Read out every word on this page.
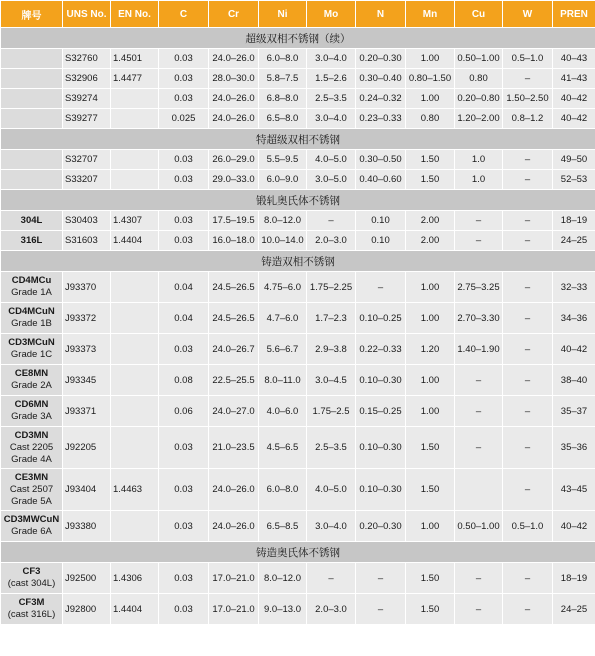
牌号	UNS No.	EN No.	C	Cr	Ni	Mo	N	Mn	Cu	W	PREN
超级双相不锈钢（续）											
	S32760	1.4501	0.03	24.0–26.0	6.0–8.0	3.0–4.0	0.20–0.30	1.00	0.50–1.00	0.5–1.0	40–43
	S32906	1.4477	0.03	28.0–30.0	5.8–7.5	1.5–2.6	0.30–0.40	0.80–1.50	0.80	–	41–43
	S39274		0.03	24.0–26.0	6.8–8.0	2.5–3.5	0.24–0.32	1.00	0.20–0.80	1.50–2.50	40–42
	S39277		0.025	24.0–26.0	6.5–8.0	3.0–4.0	0.23–0.33	0.80	1.20–2.00	0.8–1.2	40–42
特超级双相不锈钢											
	S32707		0.03	26.0–29.0	5.5–9.5	4.0–5.0	0.30–0.50	1.50	1.0	–	49–50
	S33207		0.03	29.0–33.0	6.0–9.0	3.0–5.0	0.40–0.60	1.50	1.0	–	52–53
锻轧奥氏体不锈钢											
304L	S30403	1.4307	0.03	17.5–19.5	8.0–12.0	–	0.10	2.00	–	–	18–19
316L	S31603	1.4404	0.03	16.0–18.0	10.0–14.0	2.0–3.0	0.10	2.00	–	–	24–25
铸造双相不锈钢											
CD4MCu
Grade 1A	J93370		0.04	24.5–26.5	4.75–6.0	1.75–2.25	–	1.00	2.75–3.25	–	32–33
CD4MCuN
Grade 1B	J93372		0.04	24.5–26.5	4.7–6.0	1.7–2.3	0.10–0.25	1.00	2.70–3.30	–	34–36
CD3MCuN
Grade 1C	J93373		0.03	24.0–26.7	5.6–6.7	2.9–3.8	0.22–0.33	1.20	1.40–1.90	–	40–42
CE8MN
Grade 2A	J93345		0.08	22.5–25.5	8.0–11.0	3.0–4.5	0.10–0.30	1.00	–	–	38–40
CD6MN
Grade 3A	J93371		0.06	24.0–27.0	4.0–6.0	1.75–2.5	0.15–0.25	1.00	–	–	35–37
CD3MN
Cast 2205
Grade 4A	J92205		0.03	21.0–23.5	4.5–6.5	2.5–3.5	0.10–0.30	1.50	–	–	35–36
CE3MN
Cast 2507
Grade 5A	J93404	1.4463	0.03	24.0–26.0	6.0–8.0	4.0–5.0	0.10–0.30	1.50		–	43–45
CD3MWCuN
Grade 6A	J93380		0.03	24.0–26.0	6.5–8.5	3.0–4.0	0.20–0.30	1.00	0.50–1.00	0.5–1.0	40–42
铸造奥氏体不锈钢											
CF3
(cast 304L)	J92500	1.4306	0.03	17.0–21.0	8.0–12.0	–	–	1.50	–	–	18–19
CF3M
(cast 316L)	J92800	1.4404	0.03	17.0–21.0	9.0–13.0	2.0–3.0	–	1.50	–	–	24–25
